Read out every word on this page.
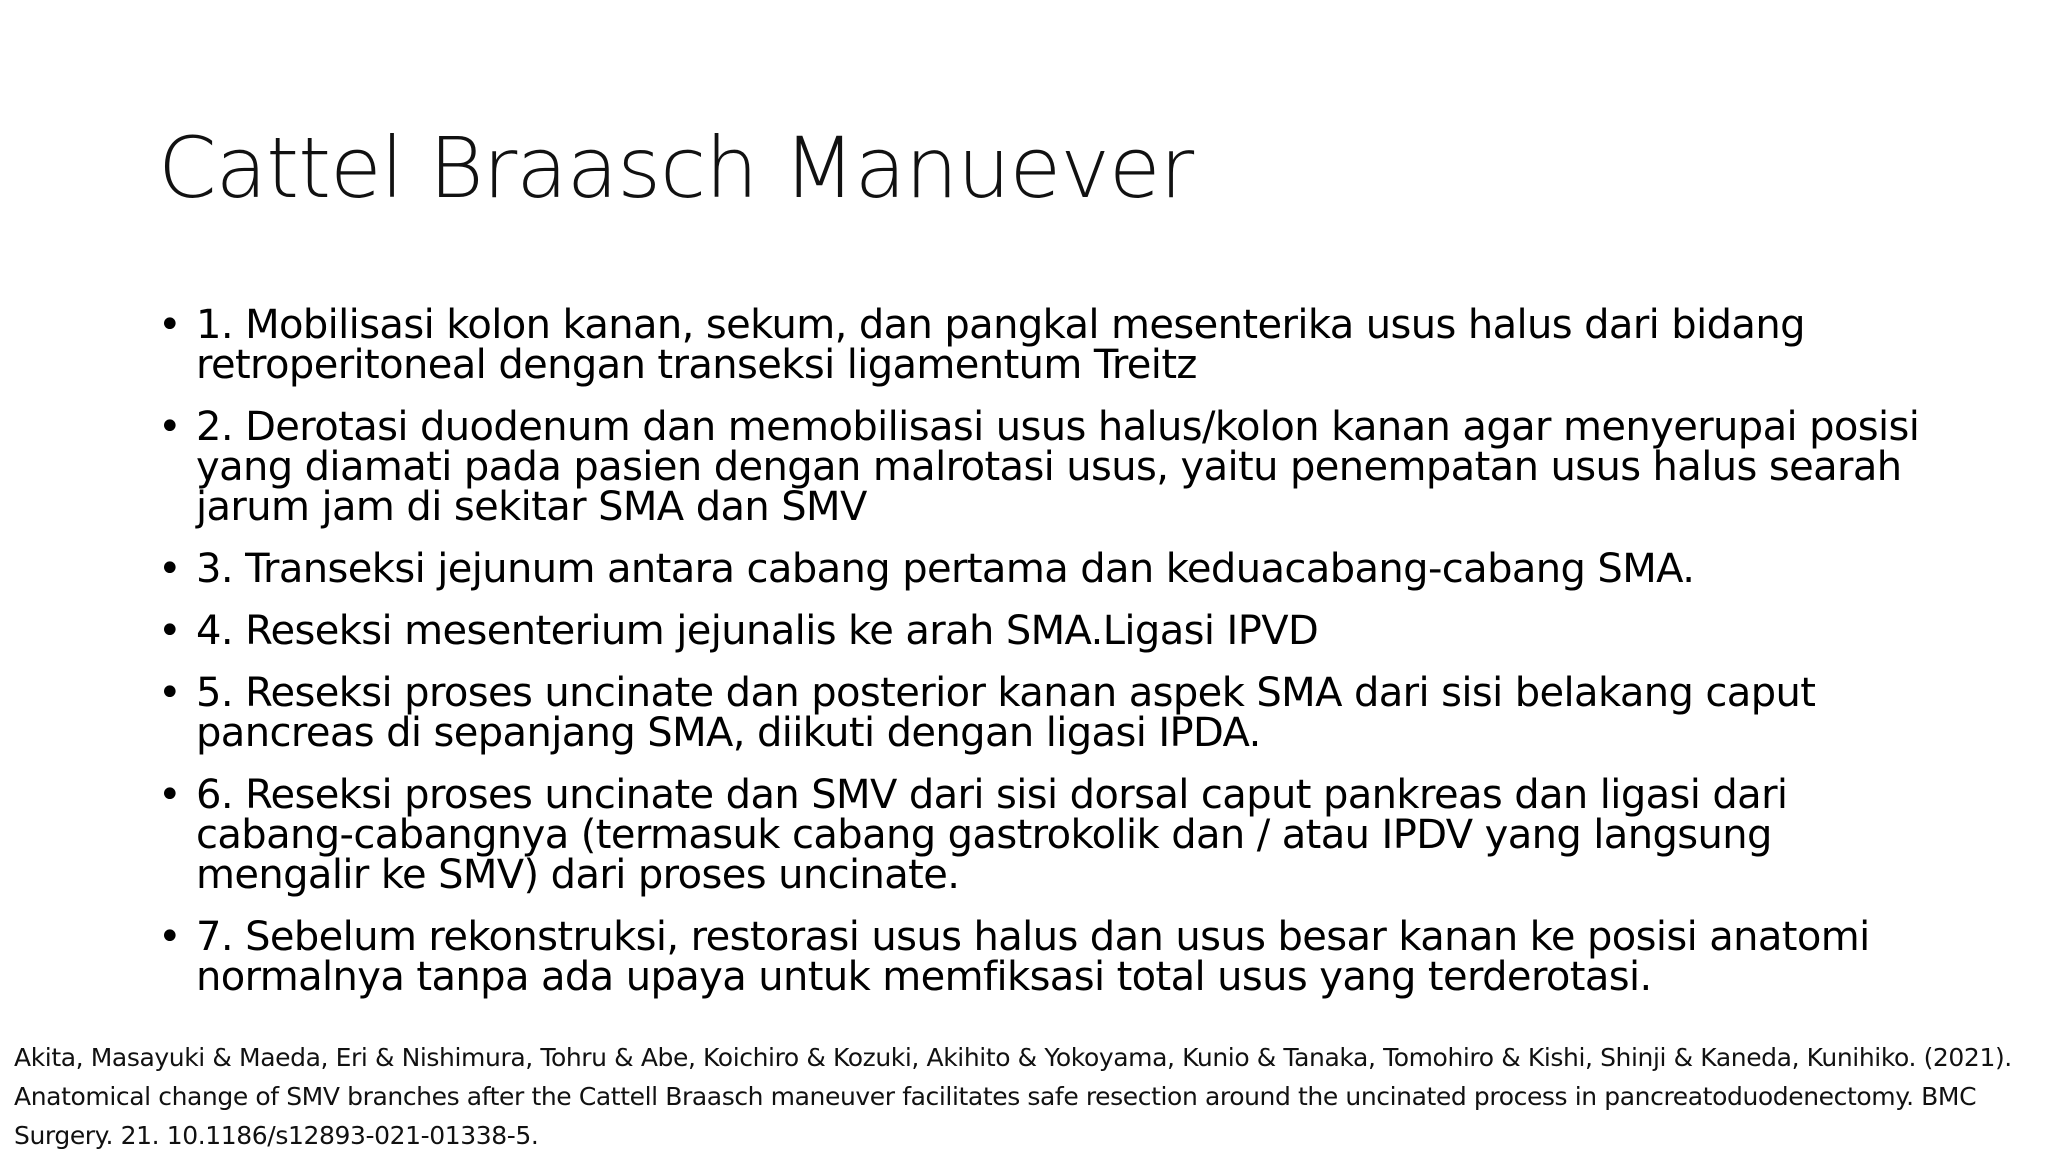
Cattel Braasch Manuever
• 1. Mobilisasi kolon kanan, sekum, dan pangkal mesenterika usus halus dari bidang retroperitoneal dengan transeksi ligamentum Treitz
• 2. Derotasi duodenum dan memobilisasi usus halus/kolon kanan agar menyerupai posisi yang diamati pada pasien dengan malrotasi usus, yaitu penempatan usus halus searah jarum jam di sekitar SMA dan SMV
• 3. Transeksi jejunum antara cabang pertama dan keduacabang-cabang SMA.
• 4. Reseksi mesenterium jejunalis ke arah SMA.Ligasi IPVD
• 5. Reseksi proses uncinate dan posterior kanan aspek SMA dari sisi belakang caput pancreas di sepanjang SMA, diikuti dengan ligasi IPDA.
• 6. Reseksi proses uncinate dan SMV dari sisi dorsal caput pankreas dan ligasi dari cabang-cabangnya (termasuk cabang gastrokolik dan / atau IPDV yang langsung mengalir ke SMV) dari proses uncinate.
• 7. Sebelum rekonstruksi, restorasi usus halus dan usus besar kanan ke posisi anatomi normalnya tanpa ada upaya untuk memfiksasi total usus yang terderotasi.
Akita, Masayuki & Maeda, Eri & Nishimura, Tohru & Abe, Koichiro & Kozuki, Akihito & Yokoyama, Kunio & Tanaka, Tomohiro & Kishi, Shinji & Kaneda, Kunihiko. (2021). Anatomical change of SMV branches after the Cattell Braasch maneuver facilitates safe resection around the uncinated process in pancreatoduodenectomy. BMC Surgery. 21. 10.1186/s12893-021-01338-5.
